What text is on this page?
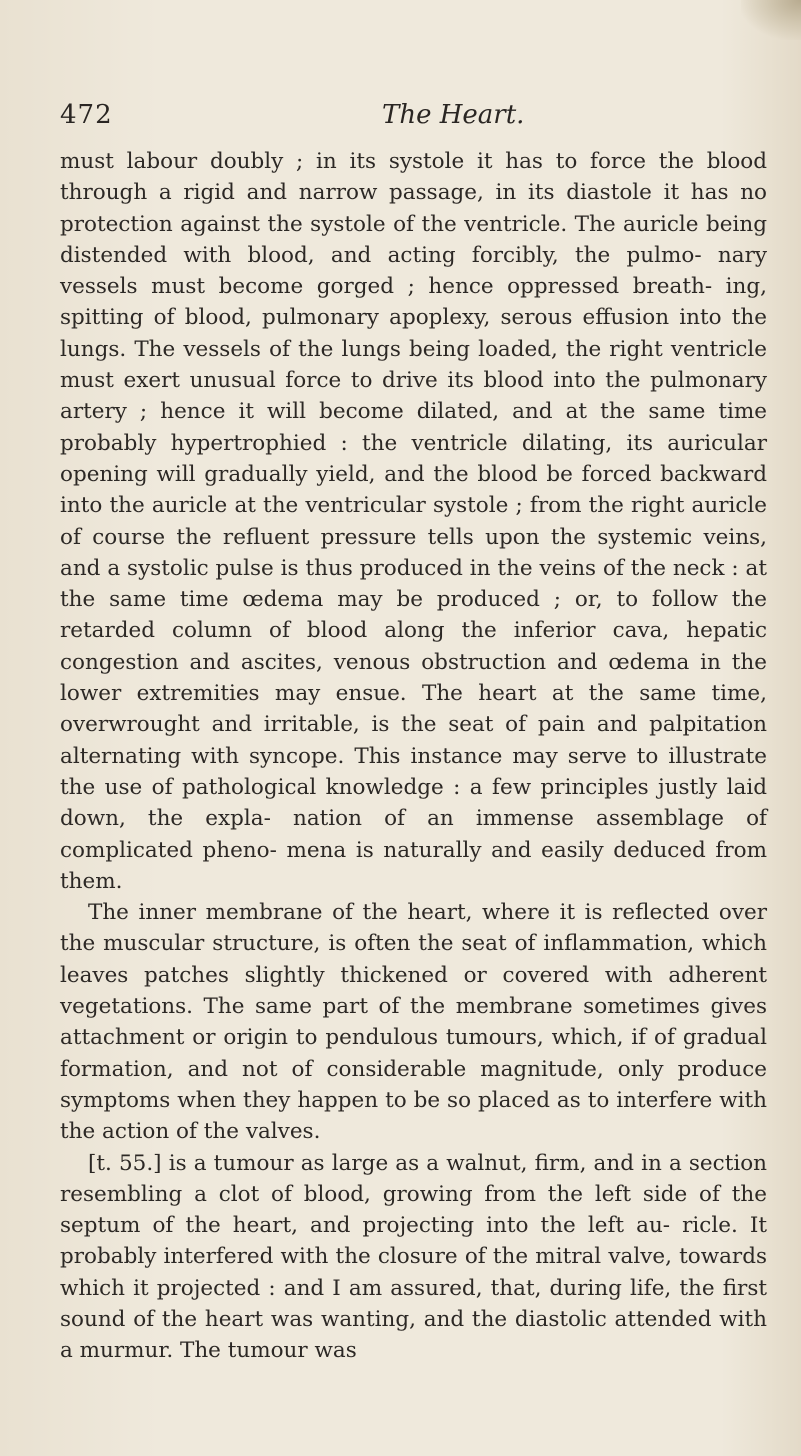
472	The Heart.

must labour doubly ; in its systole it has to force the blood through a rigid and narrow passage, in its diastole it has no protection against the systole of the ventricle. The auricle being distended with blood, and acting forcibly, the pulmo- nary vessels must become gorged ; hence oppressed breath- ing, spitting of blood, pulmonary apoplexy, serous effusion into the lungs. The vessels of the lungs being loaded, the right ventricle must exert unusual force to drive its blood into the pulmonary artery ; hence it will become dilated, and at the same time probably hypertrophied : the ventricle dilating, its auricular opening will gradually yield, and the blood be forced backward into the auricle at the ventricular systole ; from the right auricle of course the refluent pressure tells upon the systemic veins, and a systolic pulse is thus produced in the veins of the neck : at the same time œdema may be produced ; or, to follow the retarded column of blood along the inferior cava, hepatic congestion and ascites, venous obstruction and œdema in the lower extremities may ensue. The heart at the same time, overwrought and irritable, is the seat of pain and palpitation alternating with syncope. This instance may serve to illustrate the use of pathological knowledge : a few principles justly laid down, the expla- nation of an immense assemblage of complicated pheno- mena is naturally and easily deduced from them.

The inner membrane of the heart, where it is reflected over the muscular structure, is often the seat of inflammation, which leaves patches slightly thickened or covered with adherent vegetations. The same part of the membrane sometimes gives attachment or origin to pendulous tumours, which, if of gradual formation, and not of considerable magnitude, only produce symptoms when they happen to be so placed as to interfere with the action of the valves.

[t. 55.] is a tumour as large as a walnut, firm, and in a section resembling a clot of blood, growing from the left side of the septum of the heart, and projecting into the left au- ricle. It probably interfered with the closure of the mitral valve, towards which it projected : and I am assured, that, during life, the first sound of the heart was wanting, and the diastolic attended with a murmur. The tumour was
